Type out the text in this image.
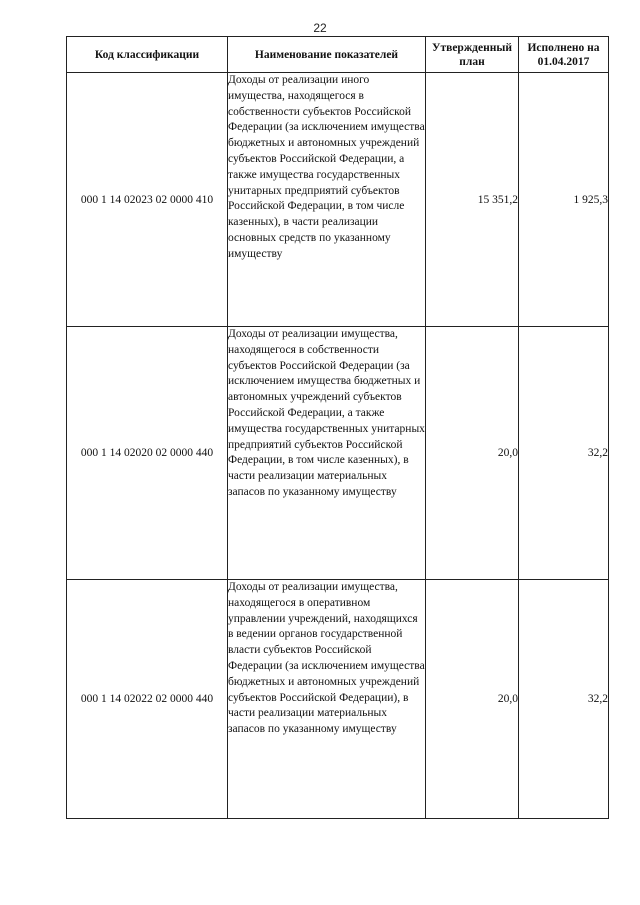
22
Код классификации	Наименование показателей	Утвержденный план	Исполнено на 01.04.2017
000 1 14 02023 02 0000 410	Доходы от реализации иного имущества, находящегося в собственности субъектов Российской Федерации (за исключением имущества бюджетных и автономных учреждений субъектов Российской Федерации, а также имущества государственных унитарных предприятий субъектов Российской Федерации, в том числе казенных), в части реализации основных средств по указанному имуществу	15 351,2	1 925,3
000 1 14 02020 02 0000 440	Доходы от реализации имущества, находящегося в собственности субъектов Российской Федерации (за исключением имущества бюджетных и автономных учреждений субъектов Российской Федерации, а также имущества государственных унитарных предприятий субъектов Российской Федерации, в том числе казенных), в части реализации материальных запасов по указанному имуществу	20,0	32,2
000 1 14 02022 02 0000 440	Доходы от реализации имущества, находящегося в оперативном управлении учреждений, находящихся в ведении органов государственной власти субъектов Российской Федерации (за исключением имущества бюджетных и автономных учреждений субъектов Российской Федерации), в части реализации материальных запасов по указанному имуществу	20,0	32,2
